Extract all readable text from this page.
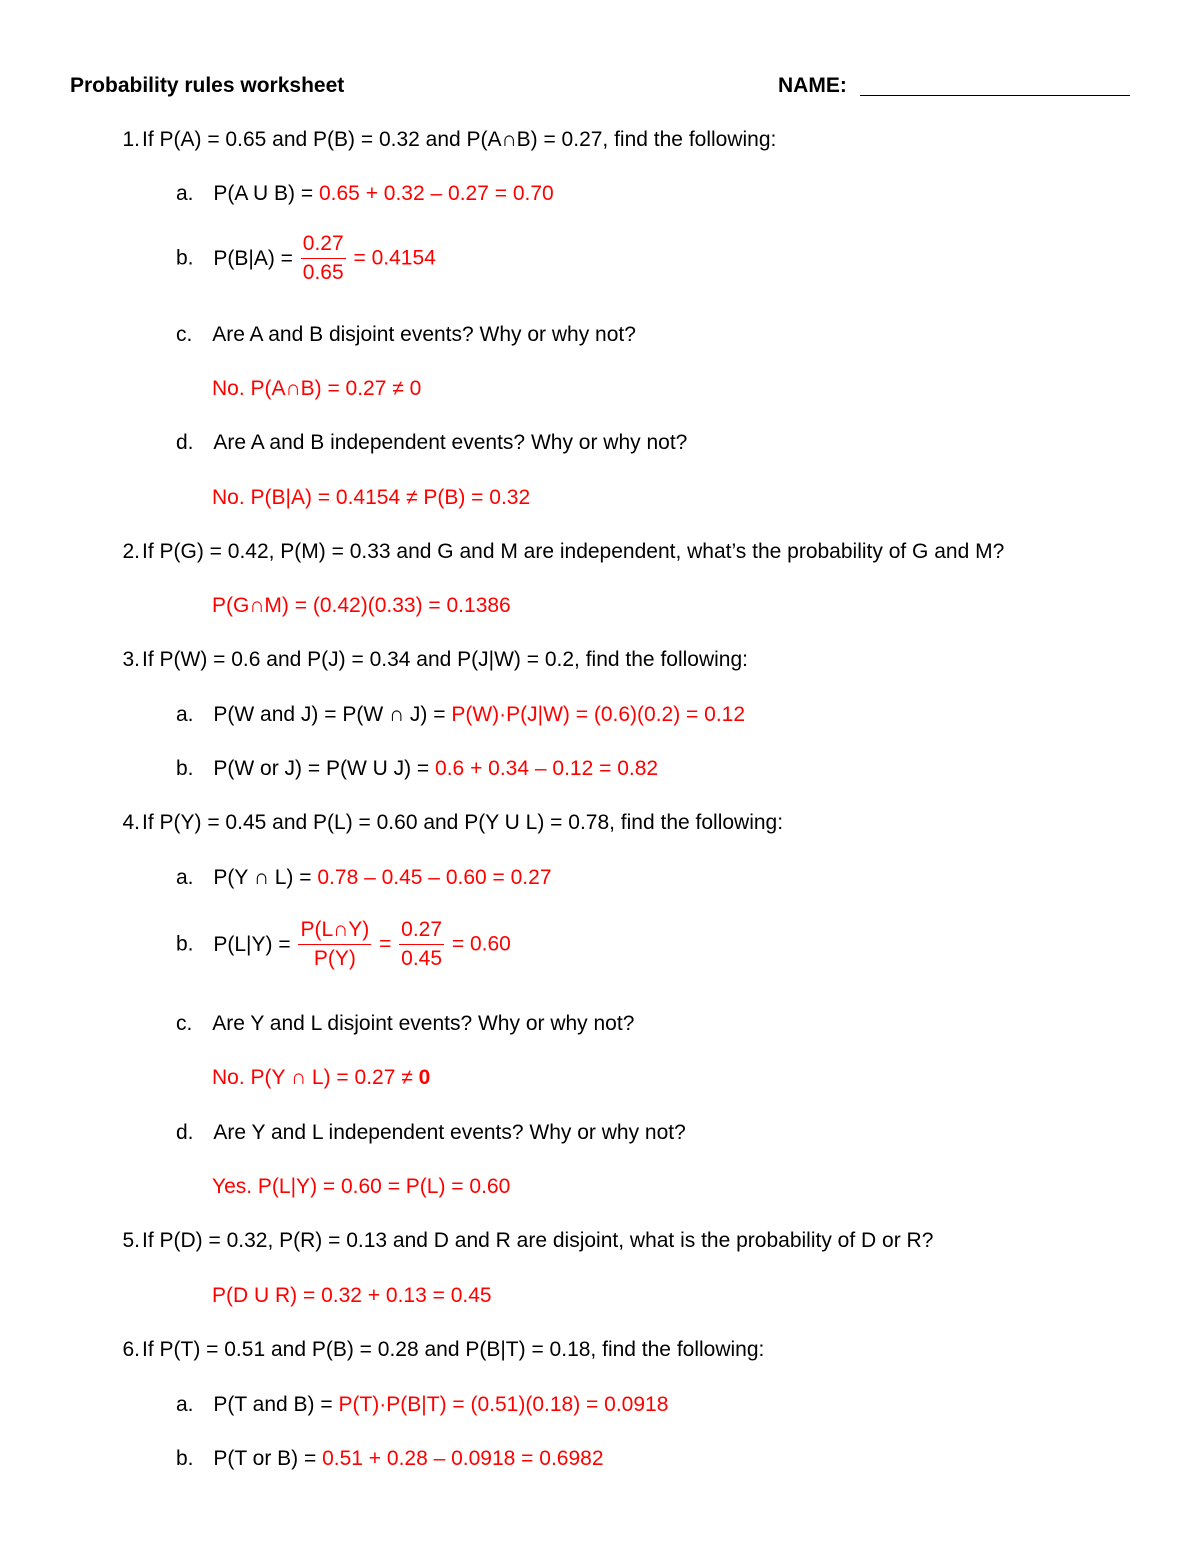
Probability rules worksheet	NAME:
1. If P(A) = 0.65 and P(B) = 0.32 and P(A∩B) = 0.27, find the following:
a. P(A U B) = 0.65 + 0.32 – 0.27 = 0.70
b. $P(B|A) = \frac{0.27}{0.65} = 0.4154$
c. Are A and B disjoint events? Why or why not?
No. P(A∩B) = 0.27 ≠ 0
d. Are A and B independent events? Why or why not?
No. P(B|A) = 0.4154 ≠ P(B) = 0.32
2. If P(G) = 0.42, P(M) = 0.33 and G and M are independent, what’s the probability of G and M?
P(G∩M) = (0.42)(0.33) = 0.1386
3. If P(W) = 0.6 and P(J) = 0.34 and P(J|W) = 0.2, find the following:
a. P(W and J) = P(W ∩ J) = P(W)·P(J|W) = (0.6)(0.2) = 0.12
b. P(W or J) = P(W U J) = 0.6 + 0.34 – 0.12 = 0.82
4. If P(Y) = 0.45 and P(L) = 0.60 and P(Y U L) = 0.78, find the following:
a. P(Y ∩ L) = 0.78 – 0.45 – 0.60 = 0.27
b. $P(L|Y) = \frac{P(L\cap Y)}{P(Y)} = \frac{0.27}{0.45} = 0.60$
c. Are Y and L disjoint events? Why or why not?
No. P(Y ∩ L) = 0.27 ≠ 0
d. Are Y and L independent events? Why or why not?
Yes. P(L|Y) = 0.60 = P(L) = 0.60
5. If P(D) = 0.32, P(R) = 0.13 and D and R are disjoint, what is the probability of D or R?
P(D U R) = 0.32 + 0.13 = 0.45
6. If P(T) = 0.51 and P(B) = 0.28 and P(B|T) = 0.18, find the following:
a. P(T and B) = P(T)·P(B|T) = (0.51)(0.18) = 0.0918
b. P(T or B) = 0.51 + 0.28 – 0.0918 = 0.6982
